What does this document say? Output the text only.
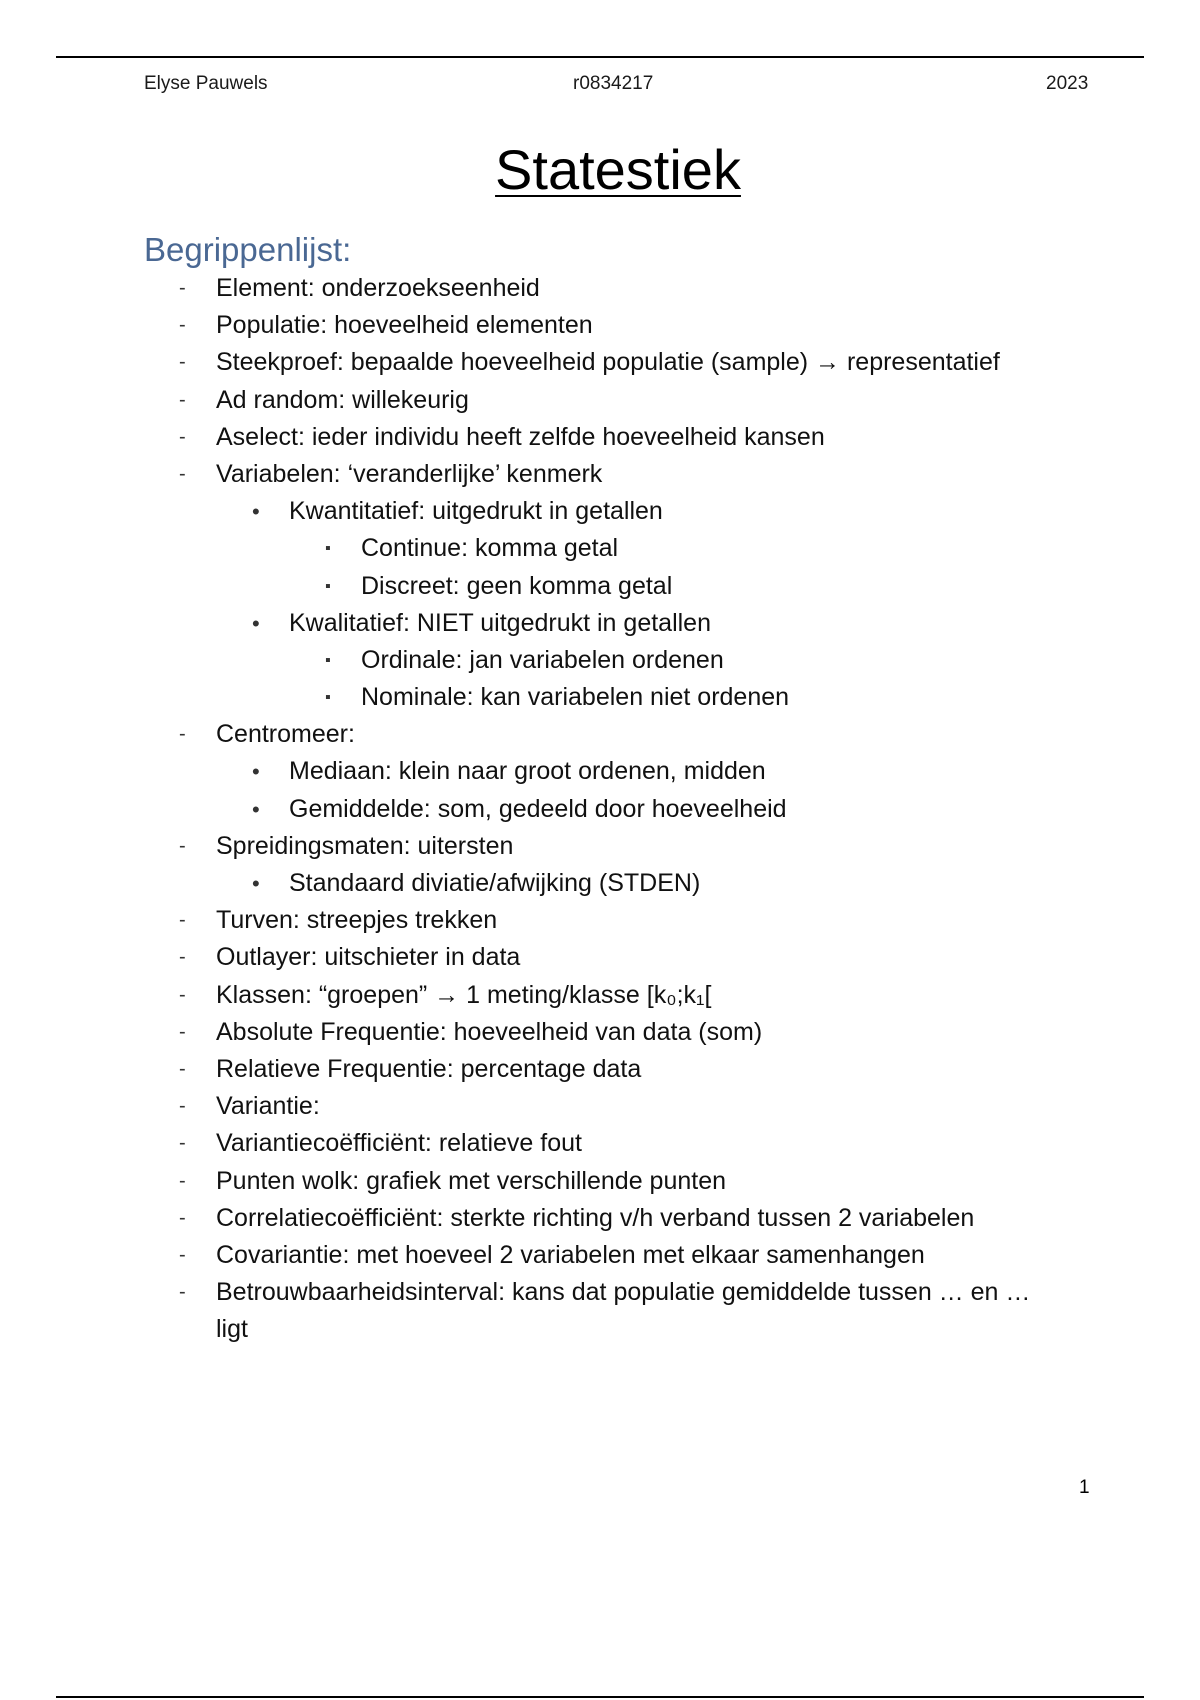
Elyse Pauwels	r0834217	2023
Statestiek
Begrippenlijst:
- Element: onderzoekseenheid
- Populatie: hoeveelheid elementen
- Steekproef: bepaalde hoeveelheid populatie (sample) → representatief
- Ad random: willekeurig
- Aselect: ieder individu heeft zelfde hoeveelheid kansen
- Variabelen: ‘veranderlijke’ kenmerk
• Kwantitatief: uitgedrukt in getallen
▪ Continue: komma getal
▪ Discreet: geen komma getal
• Kwalitatief: NIET uitgedrukt in getallen
▪ Ordinale: jan variabelen ordenen
▪ Nominale: kan variabelen niet ordenen
- Centromeer:
• Mediaan: klein naar groot ordenen, midden
• Gemiddelde: som, gedeeld door hoeveelheid
- Spreidingsmaten: uitersten
• Standaard diviatie/afwijking (STDEN)
- Turven: streepjes trekken
- Outlayer: uitschieter in data
- Klassen: “groepen” → 1 meting/klasse [k₀;k₁[
- Absolute Frequentie: hoeveelheid van data (som)
- Relatieve Frequentie: percentage data
- Variantie:
- Variantiecoëfficiënt: relatieve fout
- Punten wolk: grafiek met verschillende punten
- Correlatiecoëfficiënt: sterkte richting v/h verband tussen 2 variabelen
- Covariantie: met hoeveel 2 variabelen met elkaar samenhangen
- Betrouwbaarheidsinterval: kans dat populatie gemiddelde tussen … en … ligt
1
